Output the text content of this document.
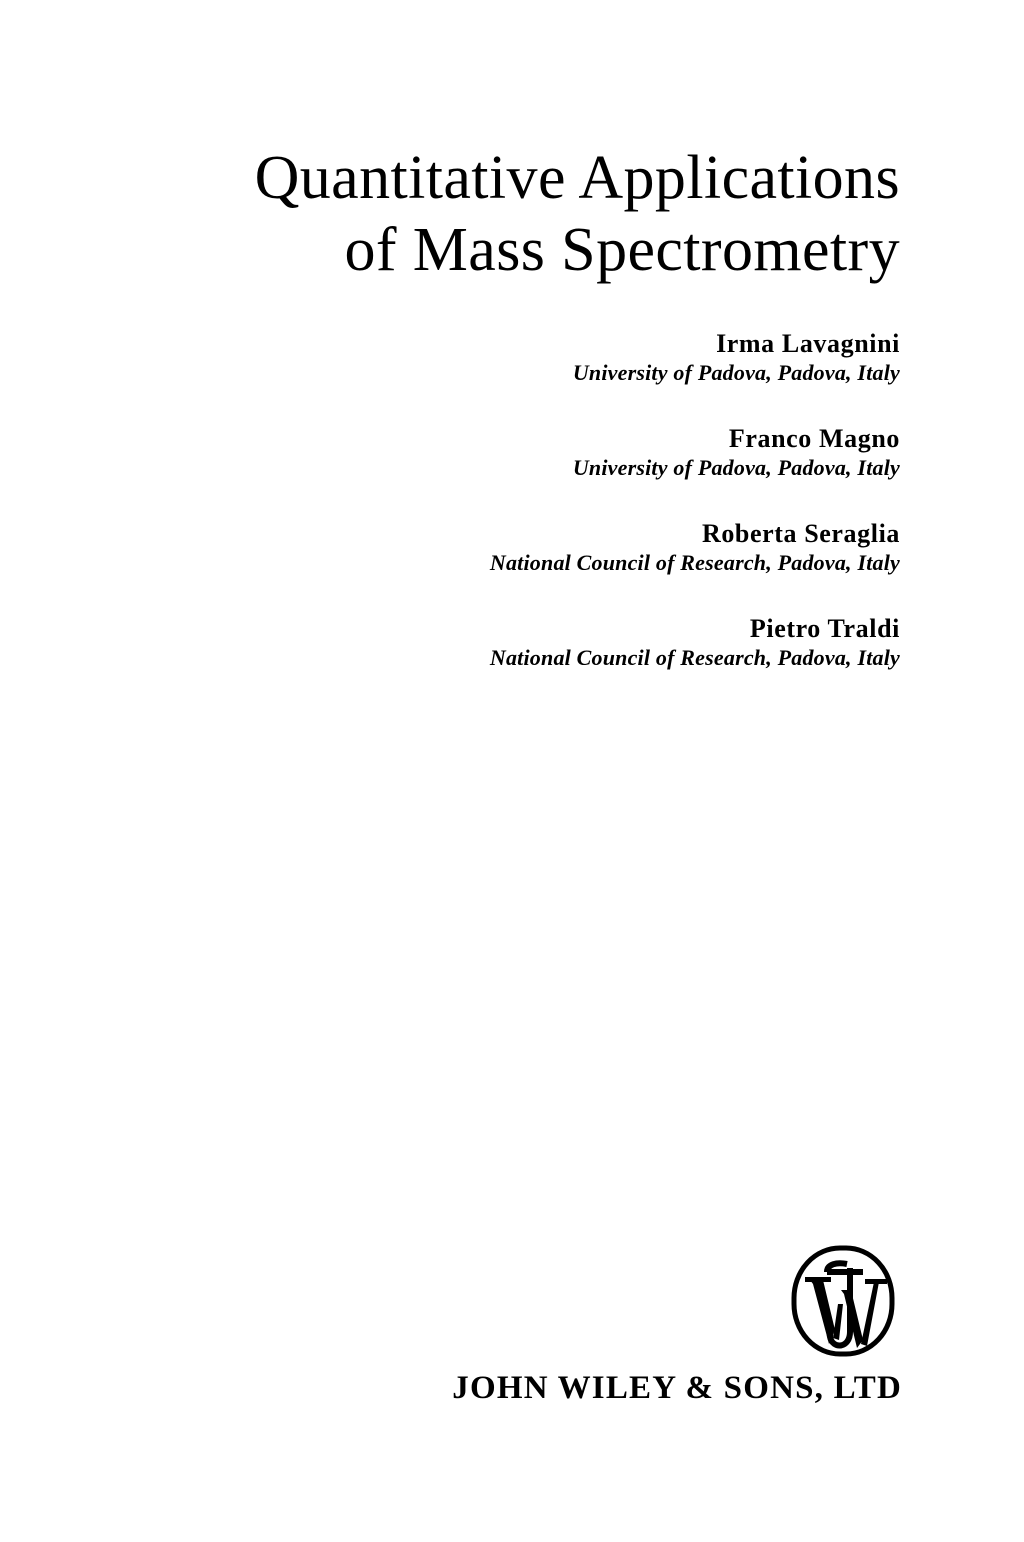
Quantitative Applications
of Mass Spectrometry
Irma Lavagnini
University of Padova, Padova, Italy
Franco Magno
University of Padova, Padova, Italy
Roberta Seraglia
National Council of Research, Padova, Italy
Pietro Traldi
National Council of Research, Padova, Italy
JOHN WILEY & SONS, LTD
